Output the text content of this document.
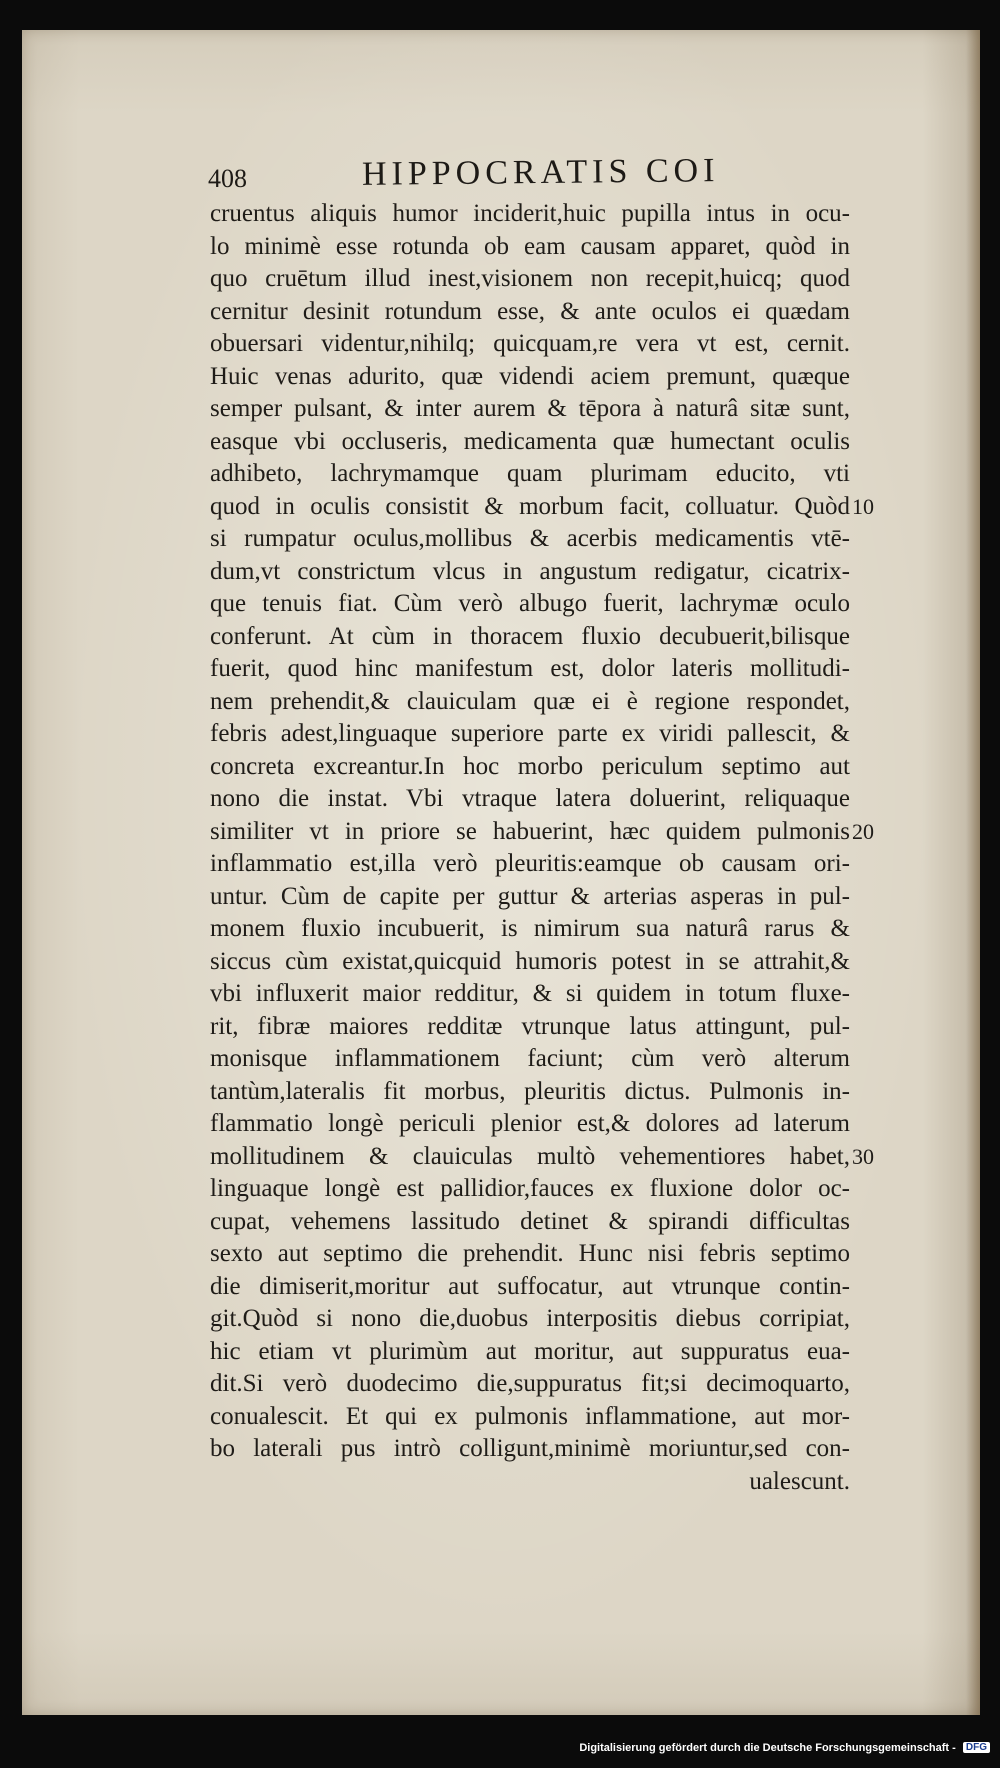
408	HIPPOCRATIS COI
cruentus aliquis humor inciderit,huic pupilla intus in ocu-
lo minimè esse rotunda ob eam causam apparet, quòd in
quo cruētum illud inest,visionem non recepit,huicq; quod
cernitur desinit rotundum esse, & ante oculos ei quædam
obuersari videntur,nihilq; quicquam,re vera vt est, cernit.
Huic venas adurito, quæ videndi aciem premunt, quæque
semper pulsant, & inter aurem & tēpora à naturâ sitæ sunt,
easque vbi occluseris, medicamenta quæ humectant oculis
adhibeto, lachrymamque quam plurimam educito, vti
quod in oculis consistit & morbum facit, colluatur. Quòd
si rumpatur oculus,mollibus & acerbis medicamentis vtē-
dum,vt constrictum vlcus in angustum redigatur, cicatrix-
que tenuis fiat. Cùm verò albugo fuerit, lachrymæ oculo
conferunt. At cùm in thoracem fluxio decubuerit,bilisque
fuerit, quod hinc manifestum est, dolor lateris mollitudi-
nem prehendit,& clauiculam quæ ei è regione respondet,
febris adest,linguaque superiore parte ex viridi pallescit, &
concreta excreantur.In hoc morbo periculum septimo aut
nono die instat. Vbi vtraque latera doluerint, reliquaque
similiter vt in priore se habuerint, hæc quidem pulmonis
inflammatio est,illa verò pleuritis:eamque ob causam ori-
untur. Cùm de capite per guttur & arterias asperas in pul-
monem fluxio incubuerit, is nimirum sua naturâ rarus &
siccus cùm existat,quicquid humoris potest in se attrahit,&
vbi influxerit maior redditur, & si quidem in totum fluxe-
rit, fibræ maiores redditæ vtrunque latus attingunt, pul-
monisque inflammationem faciunt; cùm verò alterum
tantùm,lateralis fit morbus, pleuritis dictus. Pulmonis in-
flammatio longè periculi plenior est,& dolores ad laterum
mollitudinem & clauiculas multò vehementiores habet,
linguaque longè est pallidior,fauces ex fluxione dolor oc-
cupat, vehemens lassitudo detinet & spirandi difficultas
sexto aut septimo die prehendit. Hunc nisi febris septimo
die dimiserit,moritur aut suffocatur, aut vtrunque contin-
git.Quòd si nono die,duobus interpositis diebus corripiat,
hic etiam vt plurimùm aut moritur, aut suppuratus eua-
dit.Si verò duodecimo die,suppuratus fit;si decimoquarto,
conualescit. Et qui ex pulmonis inflammatione, aut mor-
bo laterali pus intrò colligunt,minimè moriuntur,sed con-
ualescunt.
10
20
30
Digitalisierung gefördert durch die Deutsche Forschungsgemeinschaft - DFG
